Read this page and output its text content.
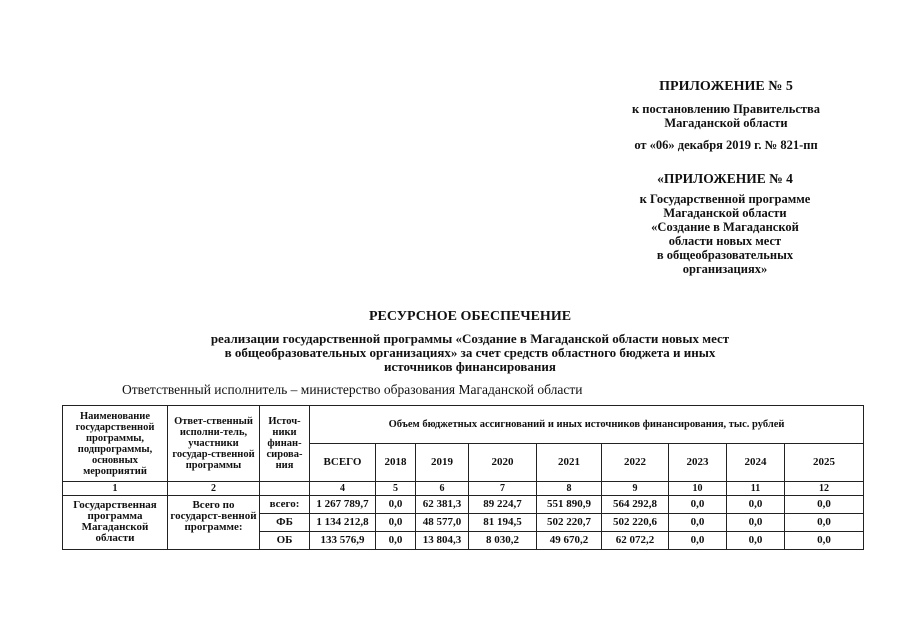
ПРИЛОЖЕНИЕ № 5
к постановлению Правительства
Магаданской области
от «06» декабря 2019 г. № 821-пп
«ПРИЛОЖЕНИЕ № 4
к Государственной программе
Магаданской области
«Создание в Магаданской
области новых мест
в общеобразовательных
организациях»
РЕСУРСНОЕ ОБЕСПЕЧЕНИЕ
реализации государственной программы «Создание в Магаданской области новых мест
в общеобразовательных организациях» за счет средств областного бюджета и иных
источников финансирования
Ответственный исполнитель – министерство образования Магаданской области
Наименование государственной программы, подпрограммы, основных мероприятий	Ответ-ственный исполни-тель, участники государ-ственной программы	Источ-ники финан-сирова-ния	Объем бюджетных ассигнований и иных источников финансирования, тыс. рублей								
			ВСЕГО	2018	2019	2020	2021	2022	2023	2024	2025
1	2		4	5	6	7	8	9	10	11	12
Государственная программа Магаданской области	Всего по государст-венной программе:	всего:	1 267 789,7	0,0	62 381,3	89 224,7	551 890,9	564 292,8	0,0	0,0	0,0
		ФБ	1 134 212,8	0,0	48 577,0	81 194,5	502 220,7	502 220,6	0,0	0,0	0,0
		ОБ	133 576,9	0,0	13 804,3	8 030,2	49 670,2	62 072,2	0,0	0,0	0,0
